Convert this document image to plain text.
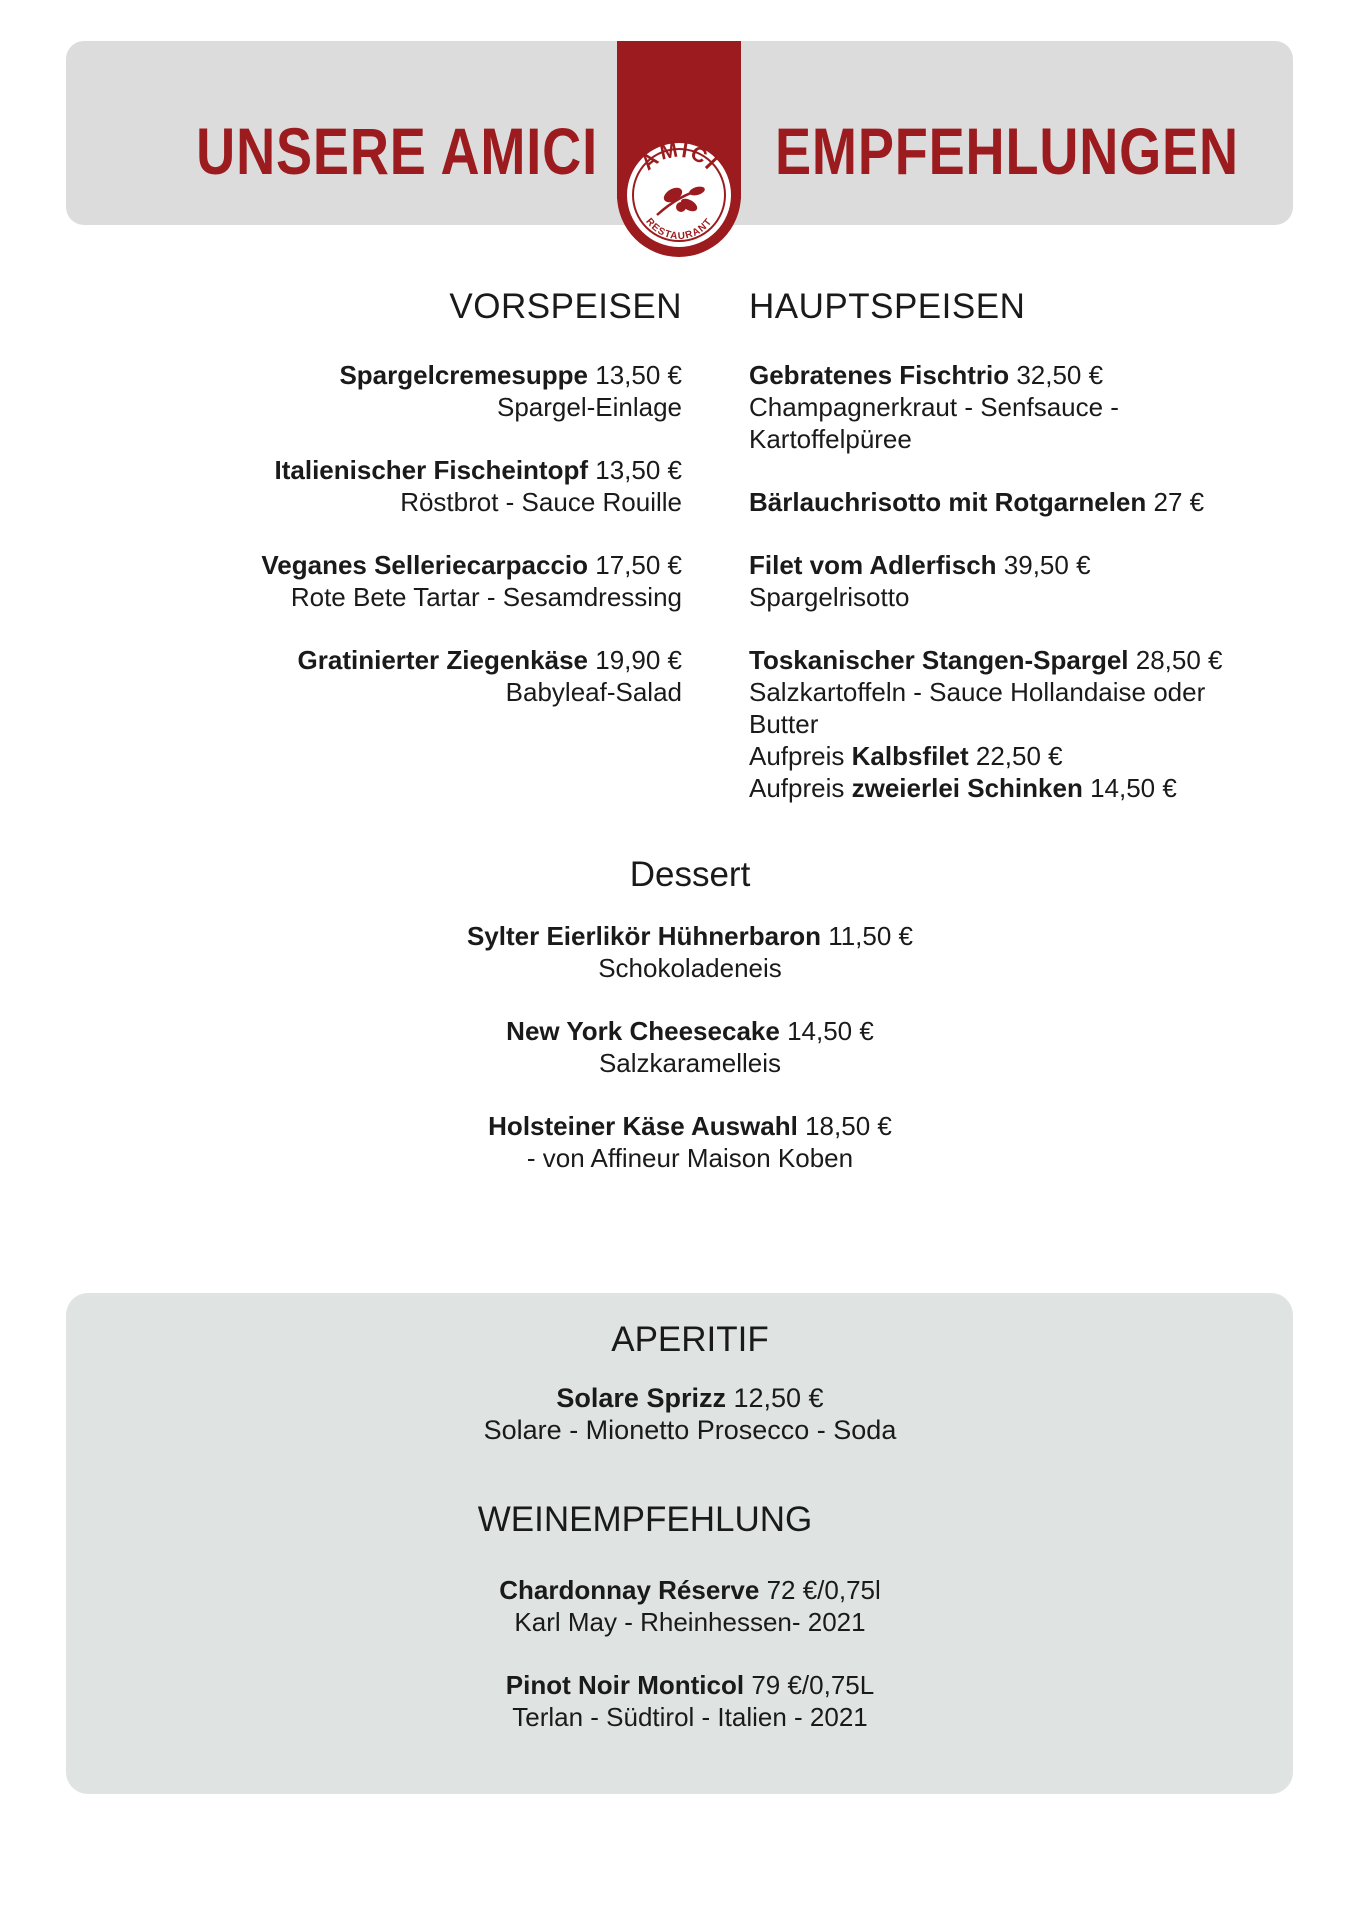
UNSERE AMICI	EMPFEHLUNGEN
AMICI
RESTAURANT
VORSPEISEN

Spargelcremesuppe 13,50 €
Spargel-Einlage

Italienischer Fischeintopf 13,50 €
Röstbrot - Sauce Rouille

Veganes Selleriecarpaccio 17,50 €
Rote Bete Tartar - Sesamdressing

Gratinierter Ziegenkäse 19,90 €
Babyleaf-Salad

HAUPTSPEISEN

Gebratenes Fischtrio 32,50 €
Champagnerkraut - Senfsauce -
Kartoffelpüree

Bärlauchrisotto mit Rotgarnelen 27 €

Filet vom Adlerfisch 39,50 €
Spargelrisotto

Toskanischer Stangen-Spargel 28,50 €
Salzkartoffeln - Sauce Hollandaise oder
Butter
Aufpreis Kalbsfilet 22,50 €
Aufpreis zweierlei Schinken 14,50 €

Dessert

Sylter Eierlikör Hühnerbaron 11,50 €
Schokoladeneis

New York Cheesecake 14,50 €
Salzkaramelleis

Holsteiner Käse Auswahl 18,50 €
- von Affineur Maison Koben

APERITIF

Solare Sprizz 12,50 €
Solare - Mionetto Prosecco - Soda

WEINEMPFEHLUNG

Chardonnay Réserve 72 €/0,75l
Karl May - Rheinhessen- 2021

Pinot Noir Monticol 79 €/0,75L
Terlan - Südtirol - Italien - 2021
